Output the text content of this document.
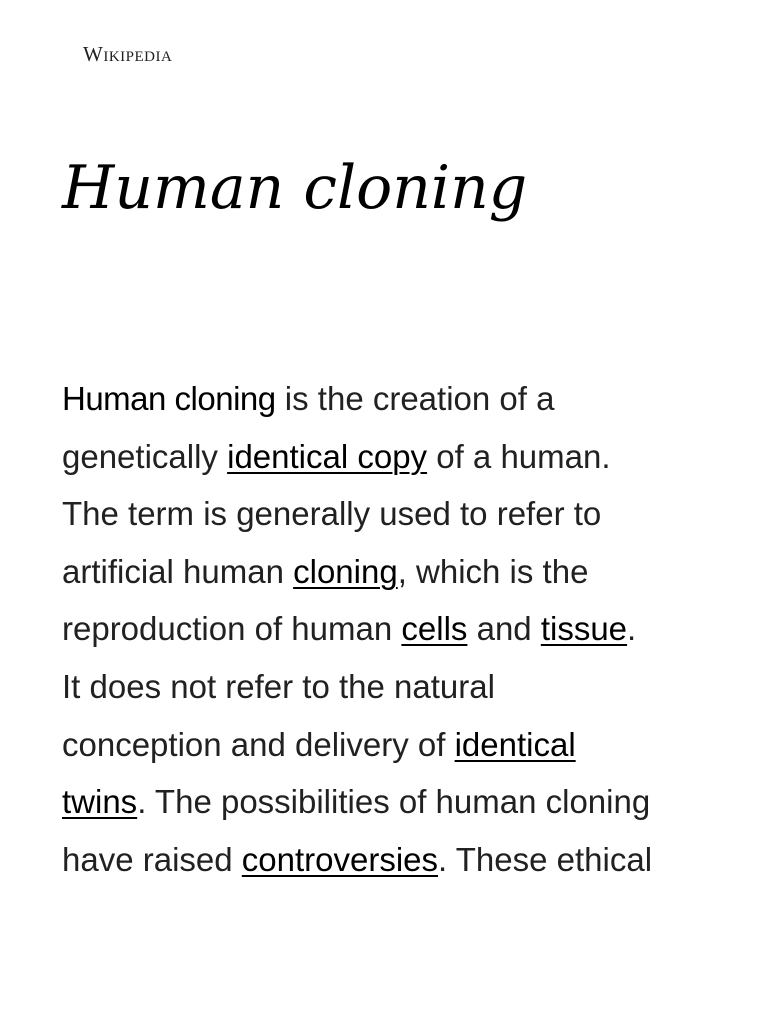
Wikipedia
Human cloning

Human cloning is the creation of a
genetically identical copy of a human.
The term is generally used to refer to
artificial human cloning, which is the
reproduction of human cells and tissue.
It does not refer to the natural
conception and delivery of identical
twins. The possibilities of human cloning
have raised controversies. These ethical
